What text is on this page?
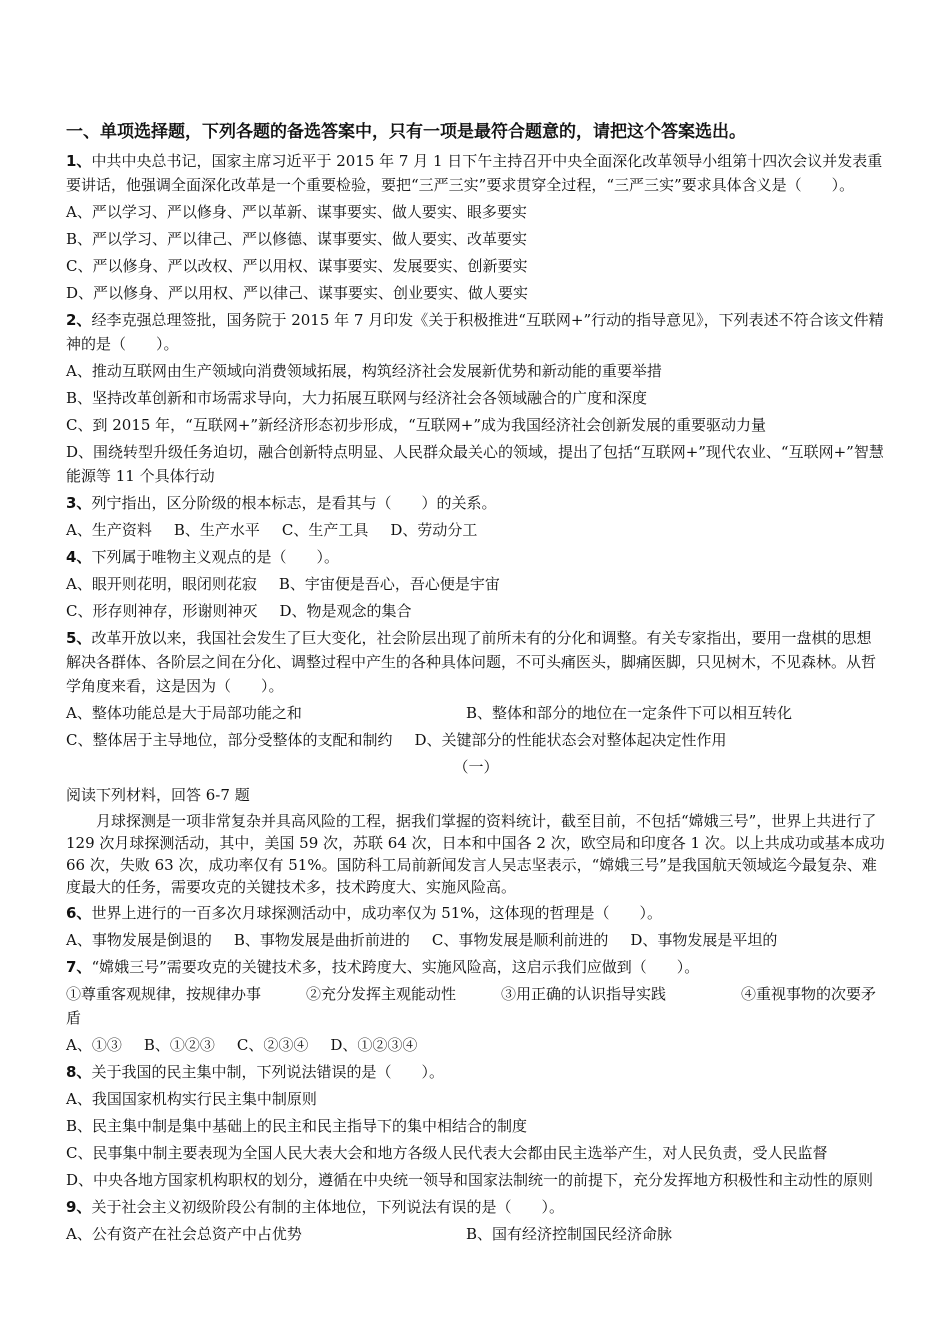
一、单项选择题，下列各题的备选答案中，只有一项是最符合题意的，请把这个答案选出。
1、中共中央总书记，国家主席习近平于 2015 年 7 月 1 日下午主持召开中央全面深化改革领导小组第十四次会议并发表重要讲话，他强调全面深化改革是一个重要检验，要把“三严三实”要求贯穿全过程，“三严三实”要求具体含义是（　　）。
A、严以学习、严以修身、严以革新、谋事要实、做人要实、眼多要实
B、严以学习、严以律己、严以修德、谋事要实、做人要实、改革要实
C、严以修身、严以改权、严以用权、谋事要实、发展要实、创新要实
D、严以修身、严以用权、严以律己、谋事要实、创业要实、做人要实
2、经李克强总理签批，国务院于 2015 年 7 月印发《关于积极推进“互联网+”行动的指导意见》，下列表述不符合该文件精神的是（　　）。
A、推动互联网由生产领域向消费领域拓展，构筑经济社会发展新优势和新动能的重要举措
B、坚持改革创新和市场需求导向，大力拓展互联网与经济社会各领域融合的广度和深度
C、到 2015 年，“互联网+”新经济形态初步形成，“互联网+”成为我国经济社会创新发展的重要驱动力量
D、围绕转型升级任务迫切，融合创新特点明显、人民群众最关心的领域，提出了包括“互联网+”现代农业、“互联网+”智慧能源等 11 个具体行动
3、列宁指出，区分阶级的根本标志，是看其与（　　）的关系。
A、生产资料 B、生产水平 C、生产工具 D、劳动分工
4、下列属于唯物主义观点的是（　　）。
A、眼开则花明，眼闭则花寂 B、宇宙便是吾心，吾心便是宇宙
C、形存则神存，形谢则神灭 D、物是观念的集合
5、改革开放以来，我国社会发生了巨大变化，社会阶层出现了前所未有的分化和调整。有关专家指出，要用一盘棋的思想解决各群体、各阶层之间在分化、调整过程中产生的各种具体问题，不可头痛医头，脚痛医脚，只见树木，不见森林。从哲学角度来看，这是因为（　　）。
A、整体功能总是大于局部功能之和	B、整体和部分的地位在一定条件下可以相互转化
C、整体居于主导地位，部分受整体的支配和制约 D、关键部分的性能状态会对整体起决定性作用
（一）
阅读下列材料，回答 6-7 题
月球探测是一项非常复杂并具高风险的工程，据我们掌握的资料统计，截至目前，不包括“嫦娥三号”，世界上共进行了 129 次月球探测活动，其中，美国 59 次，苏联 64 次，日本和中国各 2 次，欧空局和印度各 1 次。以上共成功或基本成功 66 次，失败 63 次，成功率仅有 51%。国防科工局前新闻发言人吴志坚表示，“嫦娥三号”是我国航天领域迄今最复杂、难度最大的任务，需要攻克的关键技术多，技术跨度大、实施风险高。
6、世界上进行的一百多次月球探测活动中，成功率仅为 51%，这体现的哲理是（　　）。
A、事物发展是倒退的 B、事物发展是曲折前进的 C、事物发展是顺利前进的 D、事物发展是平坦的
7、“嫦娥三号”需要攻克的关键技术多，技术跨度大、实施风险高，这启示我们应做到（　　）。
①尊重客观规律，按规律办事　　　②充分发挥主观能动性　　　③用正确的认识指导实践　　　　　④重视事物的次要矛盾
A、①③ B、①②③ C、②③④ D、①②③④
8、关于我国的民主集中制，下列说法错误的是（　　）。
A、我国国家机构实行民主集中制原则
B、民主集中制是集中基础上的民主和民主指导下的集中相结合的制度
C、民事集中制主要表现为全国人民大表大会和地方各级人民代表大会都由民主选举产生，对人民负责，受人民监督
D、中央各地方国家机构职权的划分，遵循在中央统一领导和国家法制统一的前提下，充分发挥地方积极性和主动性的原则
9、关于社会主义初级阶段公有制的主体地位，下列说法有误的是（　　）。
A、公有资产在社会总资产中占优势	B、国有经济控制国民经济命脉
